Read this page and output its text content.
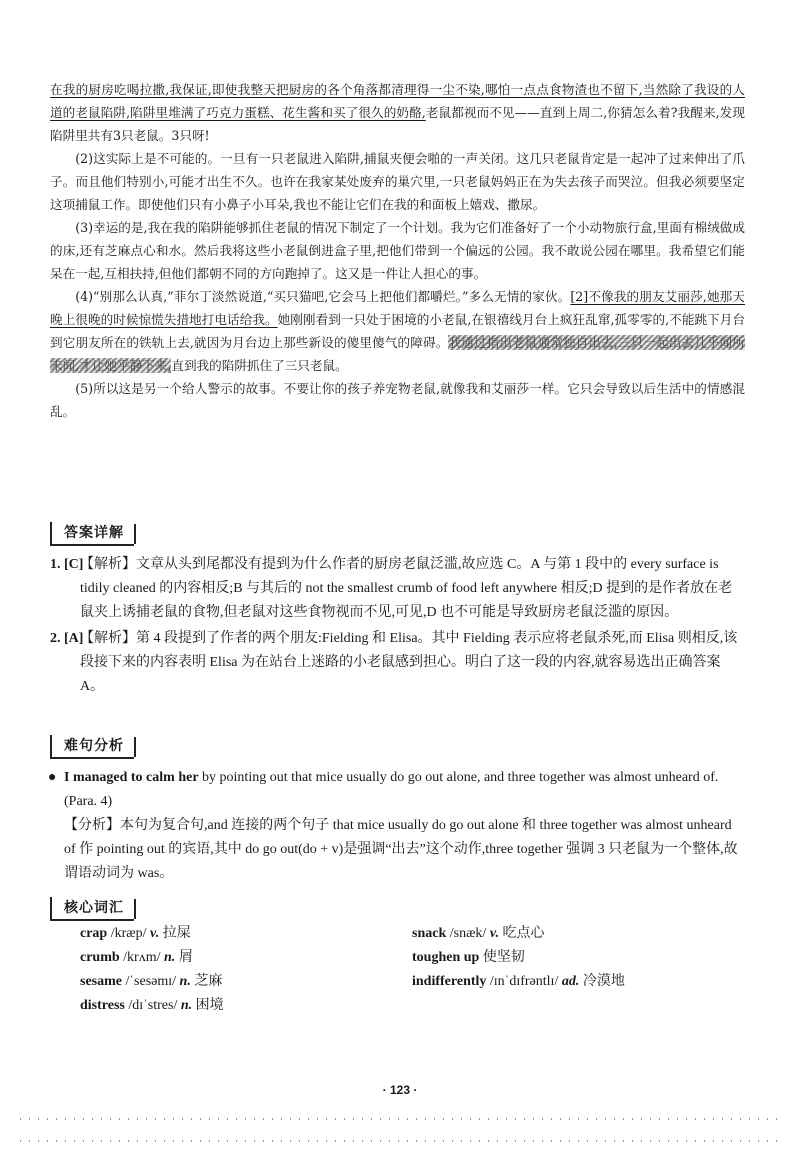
在我的厨房吃喝拉撒,我保证,即使我整天把厨房的各个角落都清理得一尘不染,哪怕一点点食物渣也不留下,当然除了我设的人道的老鼠陷阱,陷阱里堆满了巧克力蛋糕、花生酱和买了很久的奶酪,老鼠都视而不见——直到上周二,你猜怎么着?我醒来,发现陷阱里共有3只老鼠。3只呀!

(2)这实际上是不可能的。一旦有一只老鼠进入陷阱,捕鼠夹便会啪的一声关闭。这几只老鼠肯定是一起冲了过来伸出了爪子。而且他们特别小,可能才出生不久。也许在我家某处废弃的巢穴里,一只老鼠妈妈正在为失去孩子而哭泣。但我必须要坚定这项捕鼠工作。即使他们只有小鼻子小耳朵,我也不能让它们在我的和面板上嬉戏、撒尿。

(3)幸运的是,我在我的陷阱能够抓住老鼠的情况下制定了一个计划。我为它们准备好了一个小动物旅行盒,里面有棉绒做成的床,还有芝麻点心和水。然后我将这些小老鼠倒进盒子里,把他们带到一个偏远的公园。我不敢说公园在哪里。我希望它们能呆在一起,互相扶持,但他们都朝不同的方向跑掉了。这又是一件让人担心的事。

(4)“别那么认真,”菲尔丁淡然说道,“买只猫吧,它会马上把他们都嚼烂。”多么无情的家伙。[2]不像我的朋友艾丽莎,她那天晚上很晚的时候惊慌失措地打电话给我。她刚刚看到一只处于困境的小老鼠,在银禧线月台上疯狂乱窜,孤零零的,不能跳下月台到它朋友所在的铁轨上去,就因为月台边上那些新设的傻里傻气的障碍。我通过指出老鼠通常独自出去,三只一起出去几乎闻所未闻,才让她平静下来,直到我的陷阱抓住了三只老鼠。

(5)所以这是另一个给人警示的故事。不要让你的孩子养宠物老鼠,就像我和艾丽莎一样。它只会导致以后生活中的情感混乱。

答案详解
1. [C]
【解析】文章从头到尾都没有提到为什么作者的厨房老鼠泛滥,故应选 C。A 与第 1 段中的 every surface is tidily cleaned 的内容相反;B 与其后的 not the smallest crumb of food left anywhere 相反;D 提到的是作者放在老鼠夹上诱捕老鼠的食物,但老鼠对这些食物视而不见,可见,D 也不可能是导致厨房老鼠泛滥的原因。
2. [A]
【解析】第 4 段提到了作者的两个朋友:Fielding 和 Elisa。其中 Fielding 表示应将老鼠杀死,而 Elisa 则相反,该段接下来的内容表明 Elisa 为在站台上迷路的小老鼠感到担心。明白了这一段的内容,就容易选出正确答案 A。
难句分析
● I managed to calm her by pointing out that mice usually do go out alone, and three together was almost unheard of. (Para. 4)
【分析】本句为复合句,and 连接的两个句子 that mice usually do go out alone 和 three together was almost unheard of 作 pointing out 的宾语,其中 do go out(do + v)是强调“出去”这个动作,three together 强调 3 只老鼠为一个整体,故谓语动词为 was。
核心词汇
crap /kræp/ v. 拉屎
crumb /krʌm/ n. 屑
sesame /ˈsesəmɪ/ n. 芝麻
distress /dɪˈstres/ n. 困境
snack /snæk/ v. 吃点心
toughen up 使坚韧
indifferently /ɪnˈdɪfrəntlɪ/ ad. 冷漠地
· 123 ·
